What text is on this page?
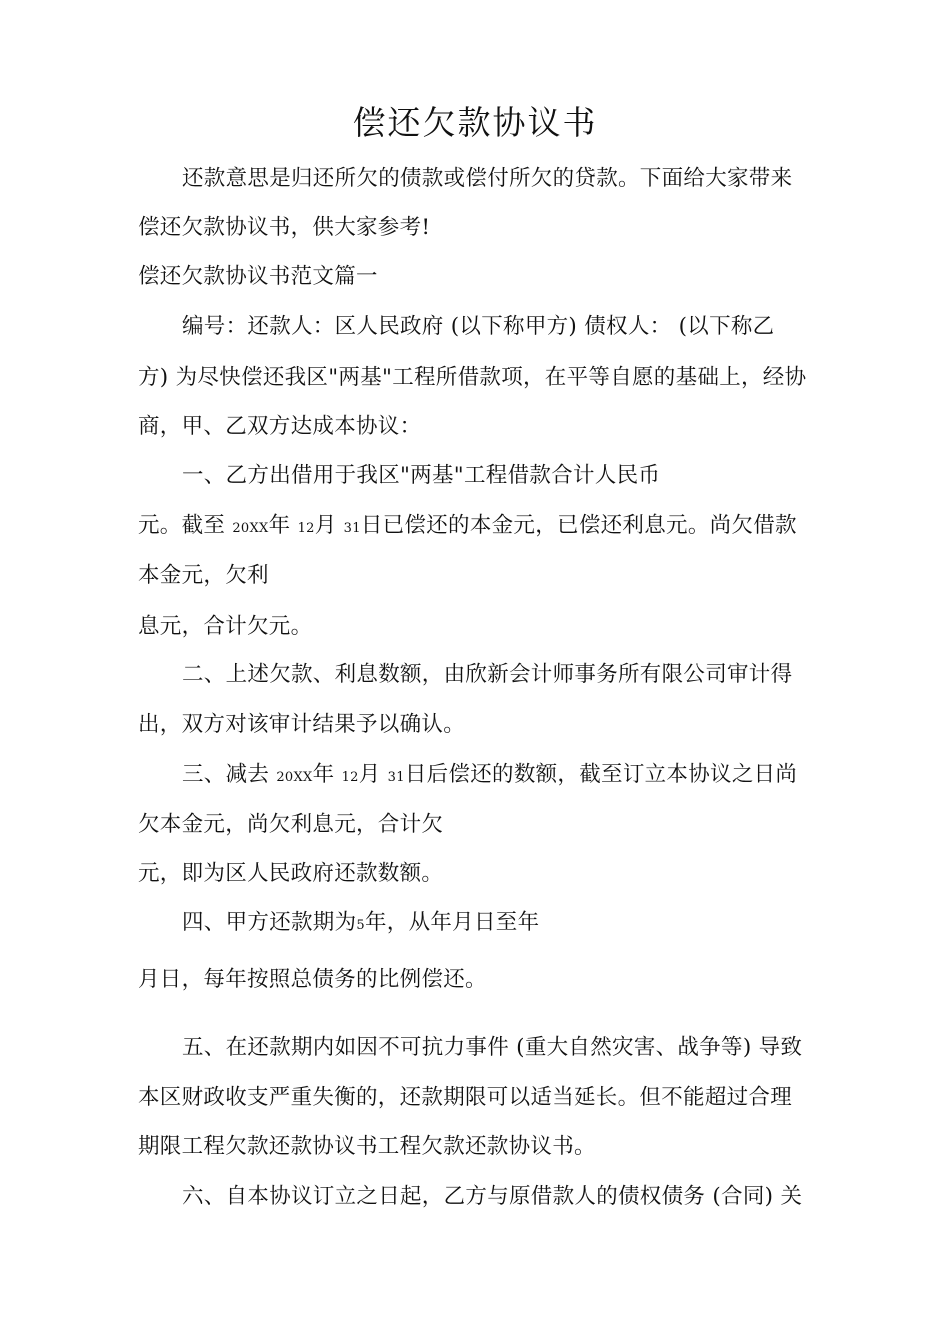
偿还欠款协议书
还款意思是归还所欠的债款或偿付所欠的贷款。下面给大家带来
偿还欠款协议书，供大家参考!
偿还欠款协议书范文篇一
编号：还款人：区人民政府 (以下称甲方) 债权人： (以下称乙
方) 为尽快偿还我区"两基"工程所借款项，在平等自愿的基础上，经协
商，甲、乙双方达成本协议：
一、乙方出借用于我区"两基"工程借款合计人民币
元。截至 20XX年 12月 31日已偿还的本金元，已偿还利息元。尚欠借款
本金元，欠利
息元，合计欠元。
二、上述欠款、利息数额，由欣新会计师事务所有限公司审计得
出，双方对该审计结果予以确认。
三、减去 20XX年 12月 31日后偿还的数额，截至订立本协议之日尚
欠本金元，尚欠利息元，合计欠
元，即为区人民政府还款数额。
四、甲方还款期为5年，从年月日至年
月日，每年按照总债务的比例偿还。
五、在还款期内如因不可抗力事件 (重大自然灾害、战争等) 导致
本区财政收支严重失衡的，还款期限可以适当延长。但不能超过合理
期限工程欠款还款协议书工程欠款还款协议书。
六、自本协议订立之日起，乙方与原借款人的债权债务 (合同) 关
